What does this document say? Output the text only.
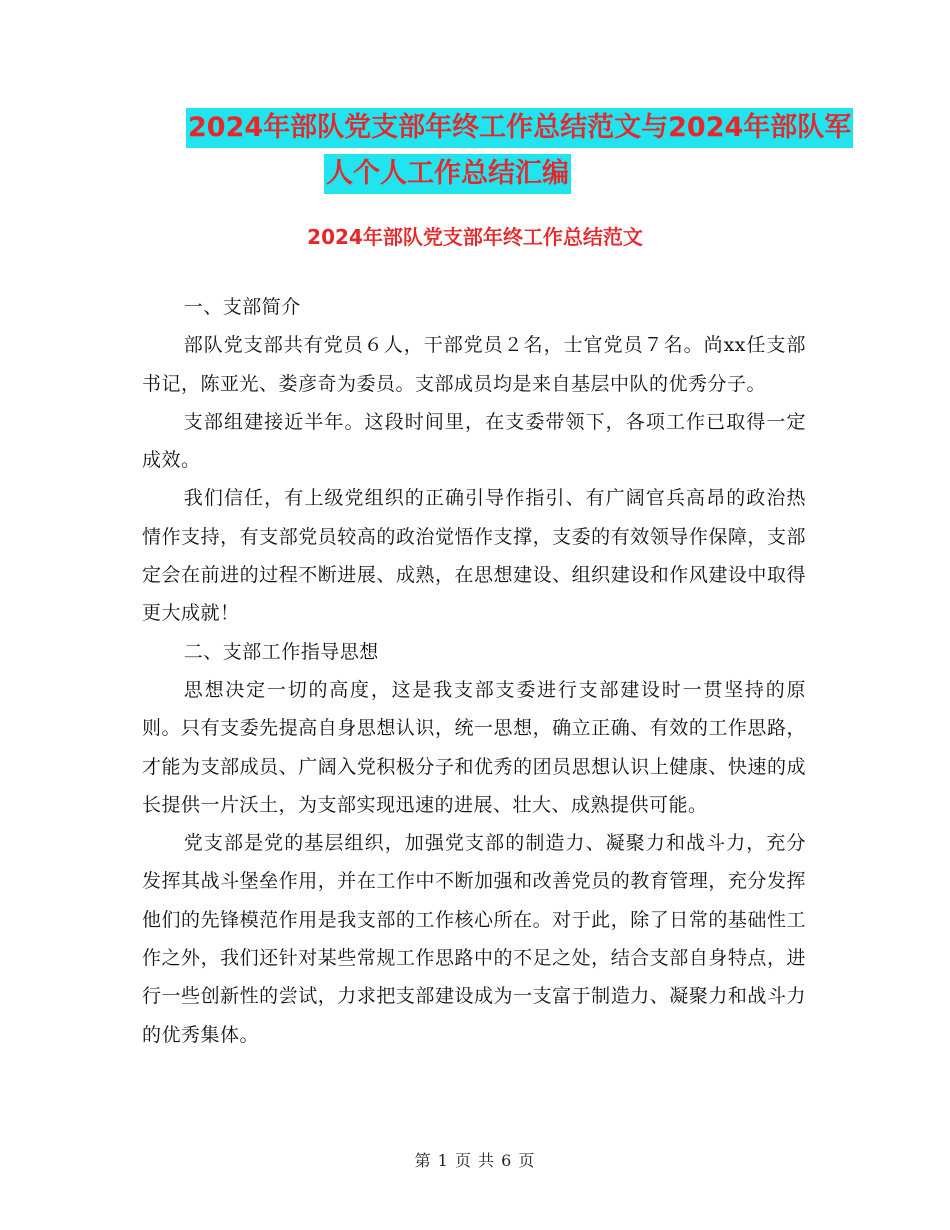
2024年部队党支部年终工作总结范文与2024年部队军
人个人工作总结汇编
2024年部队党支部年终工作总结范文

一、支部简介

部队党支部共有党员６人，干部党员２名，士官党员７名。尚xx任支部书记，陈亚光、娄彦奇为委员。支部成员均是来自基层中队的优秀分子。

支部组建接近半年。这段时间里，在支委带领下，各项工作已取得一定成效。

我们信任，有上级党组织的正确引导作指引、有广阔官兵高昂的政治热情作支持，有支部党员较高的政治觉悟作支撑，支委的有效领导作保障，支部定会在前进的过程不断进展、成熟，在思想建设、组织建设和作风建设中取得更大成就！

二、支部工作指导思想

思想决定一切的高度，这是我支部支委进行支部建设时一贯坚持的原则。只有支委先提高自身思想认识，统一思想，确立正确、有效的工作思路，才能为支部成员、广阔入党积极分子和优秀的团员思想认识上健康、快速的成长提供一片沃土，为支部实现迅速的进展、壮大、成熟提供可能。

党支部是党的基层组织，加强党支部的制造力、凝聚力和战斗力，充分发挥其战斗堡垒作用，并在工作中不断加强和改善党员的教育管理，充分发挥他们的先锋模范作用是我支部的工作核心所在。对于此，除了日常的基础性工作之外，我们还针对某些常规工作思路中的不足之处，结合支部自身特点，进行一些创新性的尝试，力求把支部建设成为一支富于制造力、凝聚力和战斗力的优秀集体。

第 1 页 共 6 页
